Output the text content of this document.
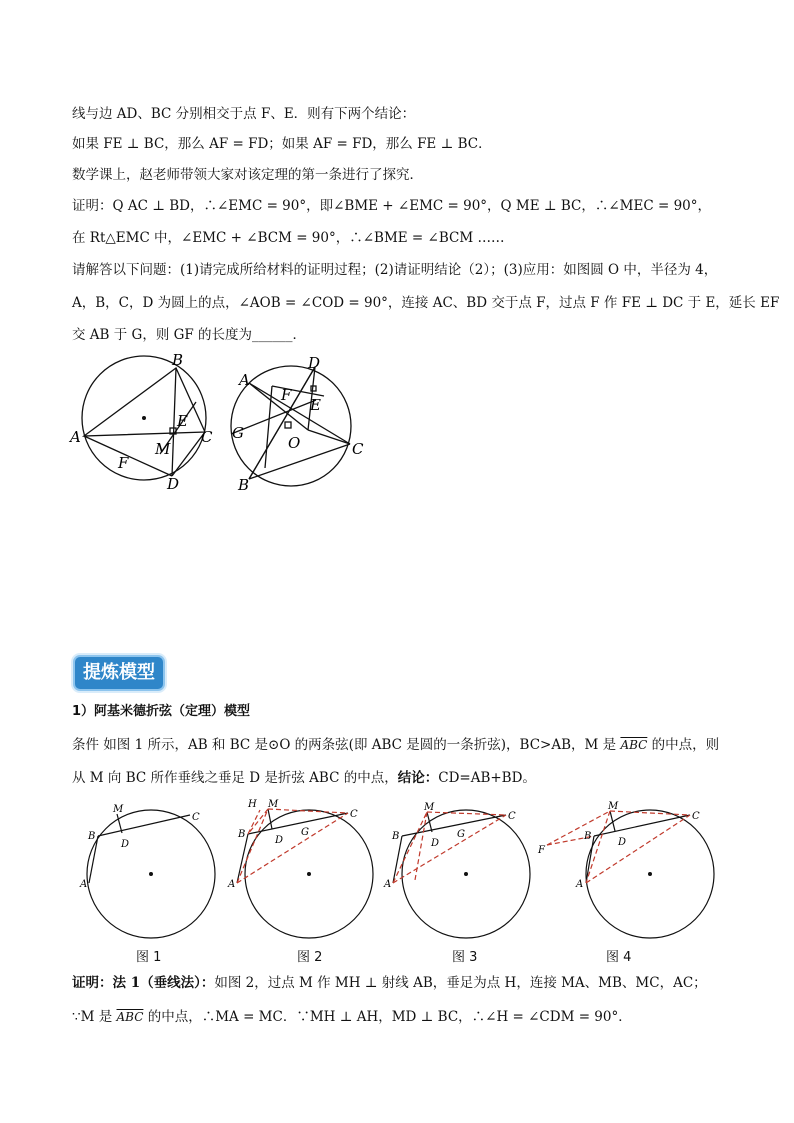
线与边 AD、BC 分别相交于点 F、E．则有下两个结论：
如果 FE ⊥ BC，那么 AF = FD；如果 AF = FD，那么 FE ⊥ BC．
数学课上，赵老师带领大家对该定理的第一条进行了探究．
证明：Q AC ⊥ BD，∴∠EMC = 90°，即∠BME + ∠EMC = 90°，Q ME ⊥ BC，∴∠MEC = 90°，
在 Rt△EMC 中，∠EMC + ∠BCM = 90°，∴∠BME = ∠BCM ……
请解答以下问题：(1)请完成所给材料的证明过程；(2)请证明结论（2）；(3)应用：如图圆 O 中，半径为 4，
A，B，C，D 为圆上的点，∠AOB = ∠COD = 90°，连接 AC、BD 交于点 F，过点 F 作 FE ⊥ DC 于 E，延长 EF
交 AB 于 G，则 GF 的长度为______．
A
B
C
D
E
F
M
A
B
C
D
E
F
G
O
提炼模型
1）阿基米德折弦（定理）模型
条件 如图 1 所示，AB 和 BC 是⊙O 的两条弦(即 ABC 是圆的一条折弦)，BC>AB，M 是 $\overline{ABC}$ 的中点，则
从 M 向 BC 所作垂线之垂足 D 是折弦 ABC 的中点，结论：CD=AB+BD。
A
B
C
D
M
A
B
C
D
M
G
H
A
B
C
D
M
G
A
B
C
D
M
F
图 1	图 2	图 3	图 4
证明：法 1（垂线法）：如图 2，过点 M 作 MH ⊥ 射线 AB，垂足为点 H，连接 MA、MB、MC，AC；
∵M 是 $\overline{ABC}$ 的中点，∴MA = MC．∵MH ⊥ AH，MD ⊥ BC，∴∠H = ∠CDM = 90°．
